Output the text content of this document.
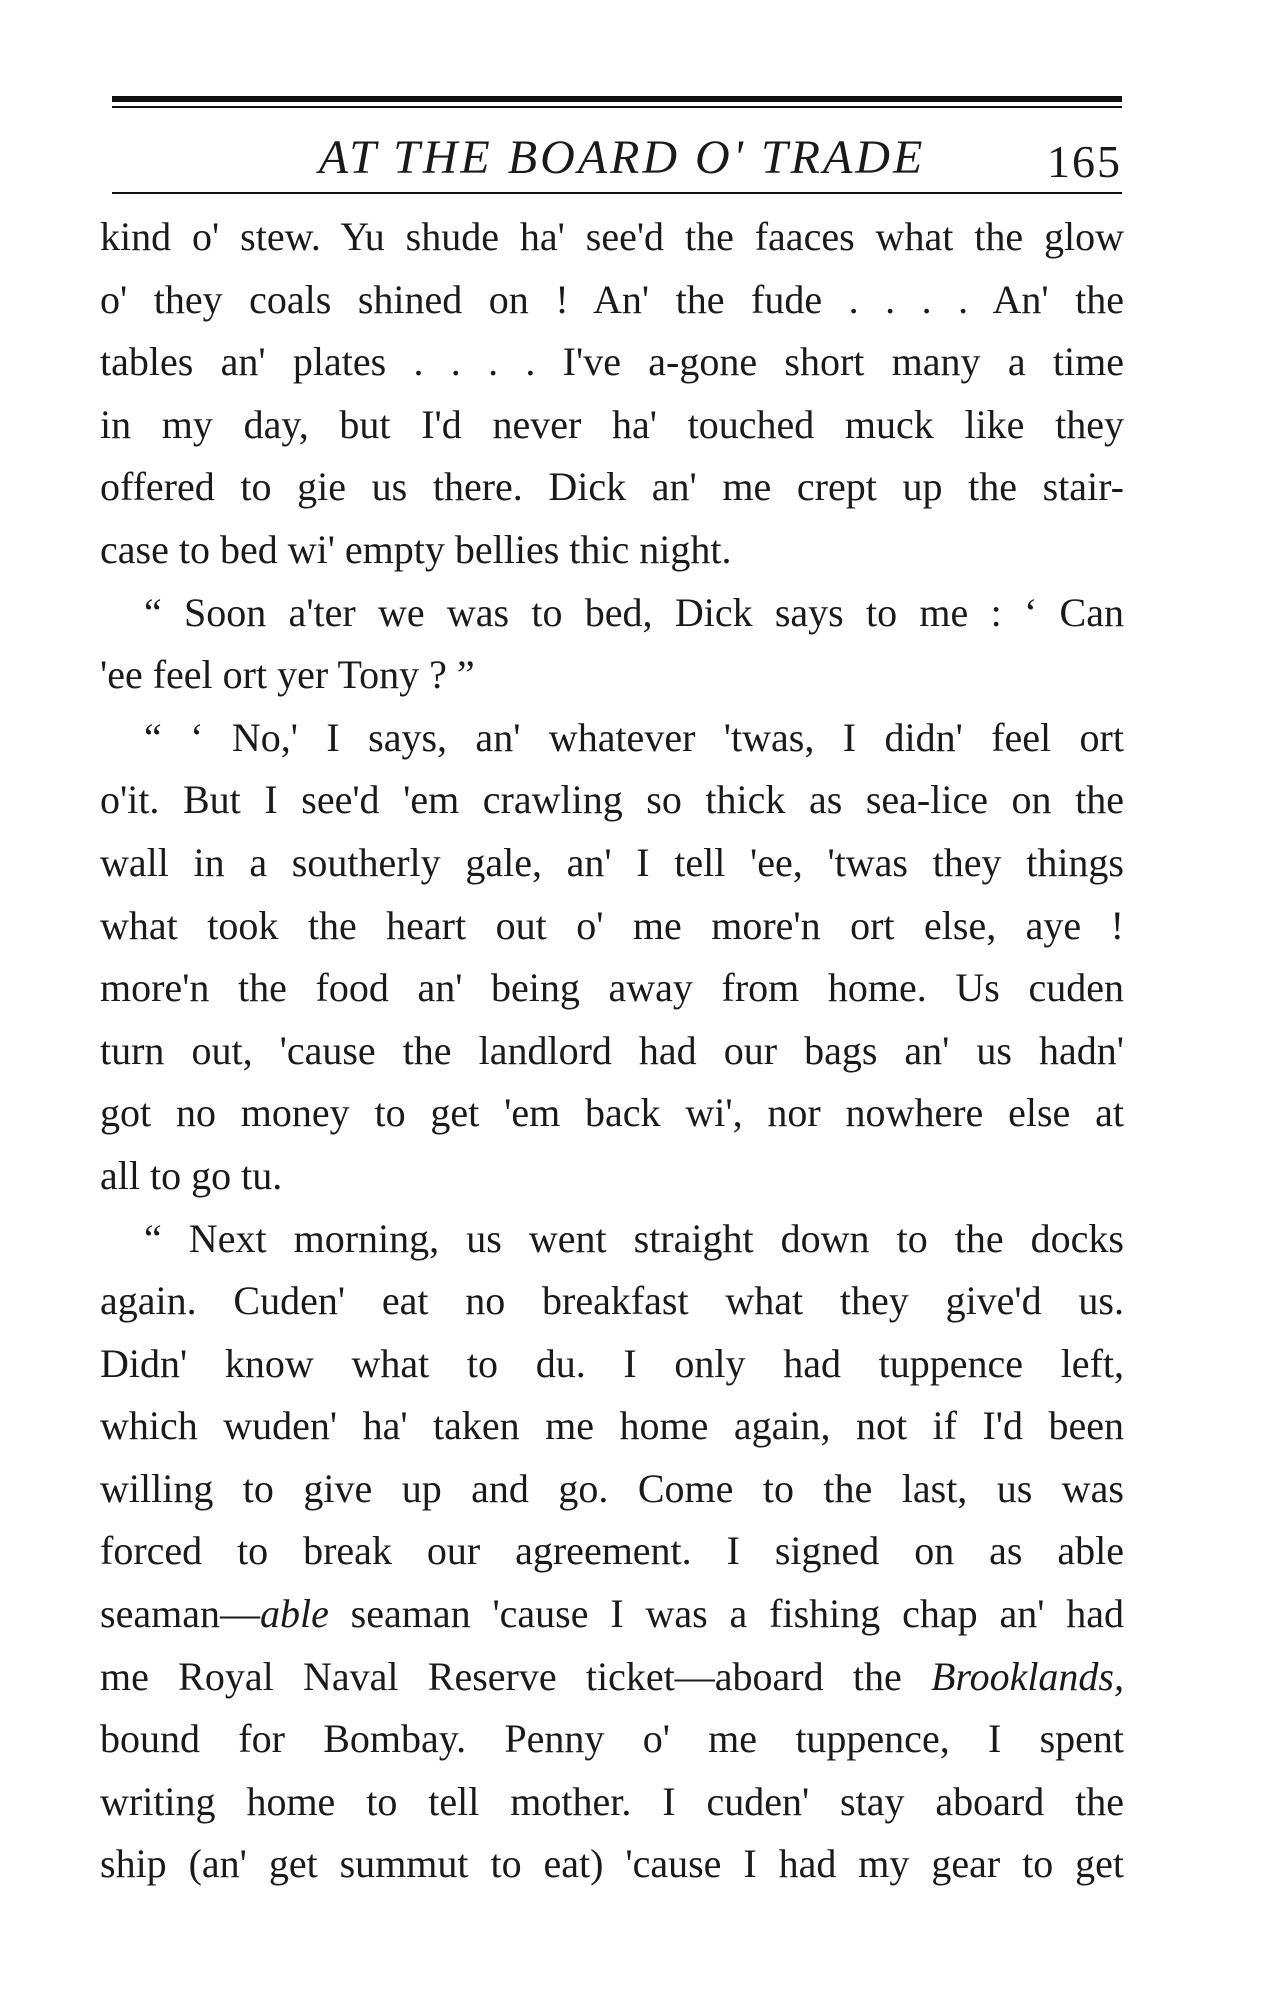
AT THE BOARD O' TRADE	165
kind o' stew. Yu shude ha' see'd the faaces what the glow
o' they coals shined on ! An' the fude . . . . An' the
tables an' plates . . . . I've a-gone short many a time
in my day, but I'd never ha' touched muck like they
offered to gie us there. Dick an' me crept up the stair-
case to bed wi' empty bellies thic night.
“ Soon a'ter we was to bed, Dick says to me : ‘ Can
'ee feel ort yer Tony ? ”
“ ‘ No,' I says, an' whatever 'twas, I didn' feel ort
o'it. But I see'd 'em crawling so thick as sea-lice on the
wall in a southerly gale, an' I tell 'ee, 'twas they things
what took the heart out o' me more'n ort else, aye !
more'n the food an' being away from home. Us cuden
turn out, 'cause the landlord had our bags an' us hadn'
got no money to get 'em back wi', nor nowhere else at
all to go tu.
“ Next morning, us went straight down to the docks
again. Cuden' eat no breakfast what they give'd us.
Didn' know what to du. I only had tuppence left,
which wuden' ha' taken me home again, not if I'd been
willing to give up and go. Come to the last, us was
forced to break our agreement. I signed on as able
seaman—able seaman 'cause I was a fishing chap an' had
me Royal Naval Reserve ticket—aboard the Brooklands,
bound for Bombay. Penny o' me tuppence, I spent
writing home to tell mother. I cuden' stay aboard the
ship (an' get summut to eat) 'cause I had my gear to get
